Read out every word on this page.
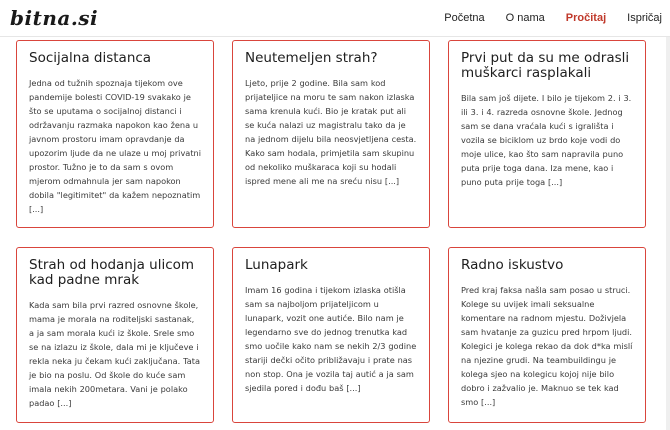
bitna.si	Početna O nama Pročitaj Ispričaj
Socijalna distanca

Jedna od tužnih spoznaja tijekom ove pandemije bolesti COVID-19 svakako je što se uputama o socijalnoj distanci i održavanju razmaka napokon kao žena u javnom prostoru imam opravdanje da upozorim ljude da ne ulaze u moj privatni prostor. Tužno je to da sam s ovom mjerom odmahnula jer sam napokon dobila "legitimitet" da kažem nepoznatim [...]

Neutemeljen strah?

Ljeto, prije 2 godine. Bila sam kod prijateljice na moru te sam nakon izlaska sama krenula kući. Bio je kratak put ali se kuća nalazi uz magistralu tako da je na jednom dijelu bila neosvjetljena cesta. Kako sam hodala, primjetila sam skupinu od nekoliko muškaraca koji su hodali ispred mene ali me na sreću nisu [...]

Prvi put da su me odrasli muškarci rasplakali

Bila sam još dijete. I bilo je tijekom 2. i 3. ili 3. i 4. razreda osnovne škole. Jednog sam se dana vraćala kući s igrališta i vozila se biciklom uz brdo koje vodi do moje ulice, kao što sam napravila puno puta prije toga dana. Iza mene, kao i puno puta prije toga [...]

Strah od hodanja ulicom kad padne mrak

Kada sam bila prvi razred osnovne škole, mama je morala na roditeljski sastanak, a ja sam morala kući iz škole. Srele smo se na izlazu iz škole, dala mi je ključeve i rekla neka ju čekam kući zaključana. Tata je bio na poslu. Od škole do kuće sam imala nekih 200metara. Vani je polako padao [...]

Lunapark

Imam 16 godina i tijekom izlaska otišla sam sa najboljom prijateljicom u lunapark, vozit one autiće. Bilo nam je legendarno sve do jednog trenutka kad smo uočile kako nam se nekih 2/3 godine stariji dečki očito približavaju i prate nas non stop. Ona je vozila taj autić a ja sam sjedila pored i dođu baš [...]

Radno iskustvo

Pred kraj faksa našla sam posao u struci. Kolege su uvijek imali seksualne komentare na radnom mjestu. Doživjela sam hvatanje za guzicu pred hrpom ljudi. Kolegici je kolega rekao da dok d*ka mislí na njezine grudi. Na teambuildingu je kolega sjeo na kolegicu kojoj nije bilo dobro i zažvalio je. Maknuo se tek kad smo [...]
